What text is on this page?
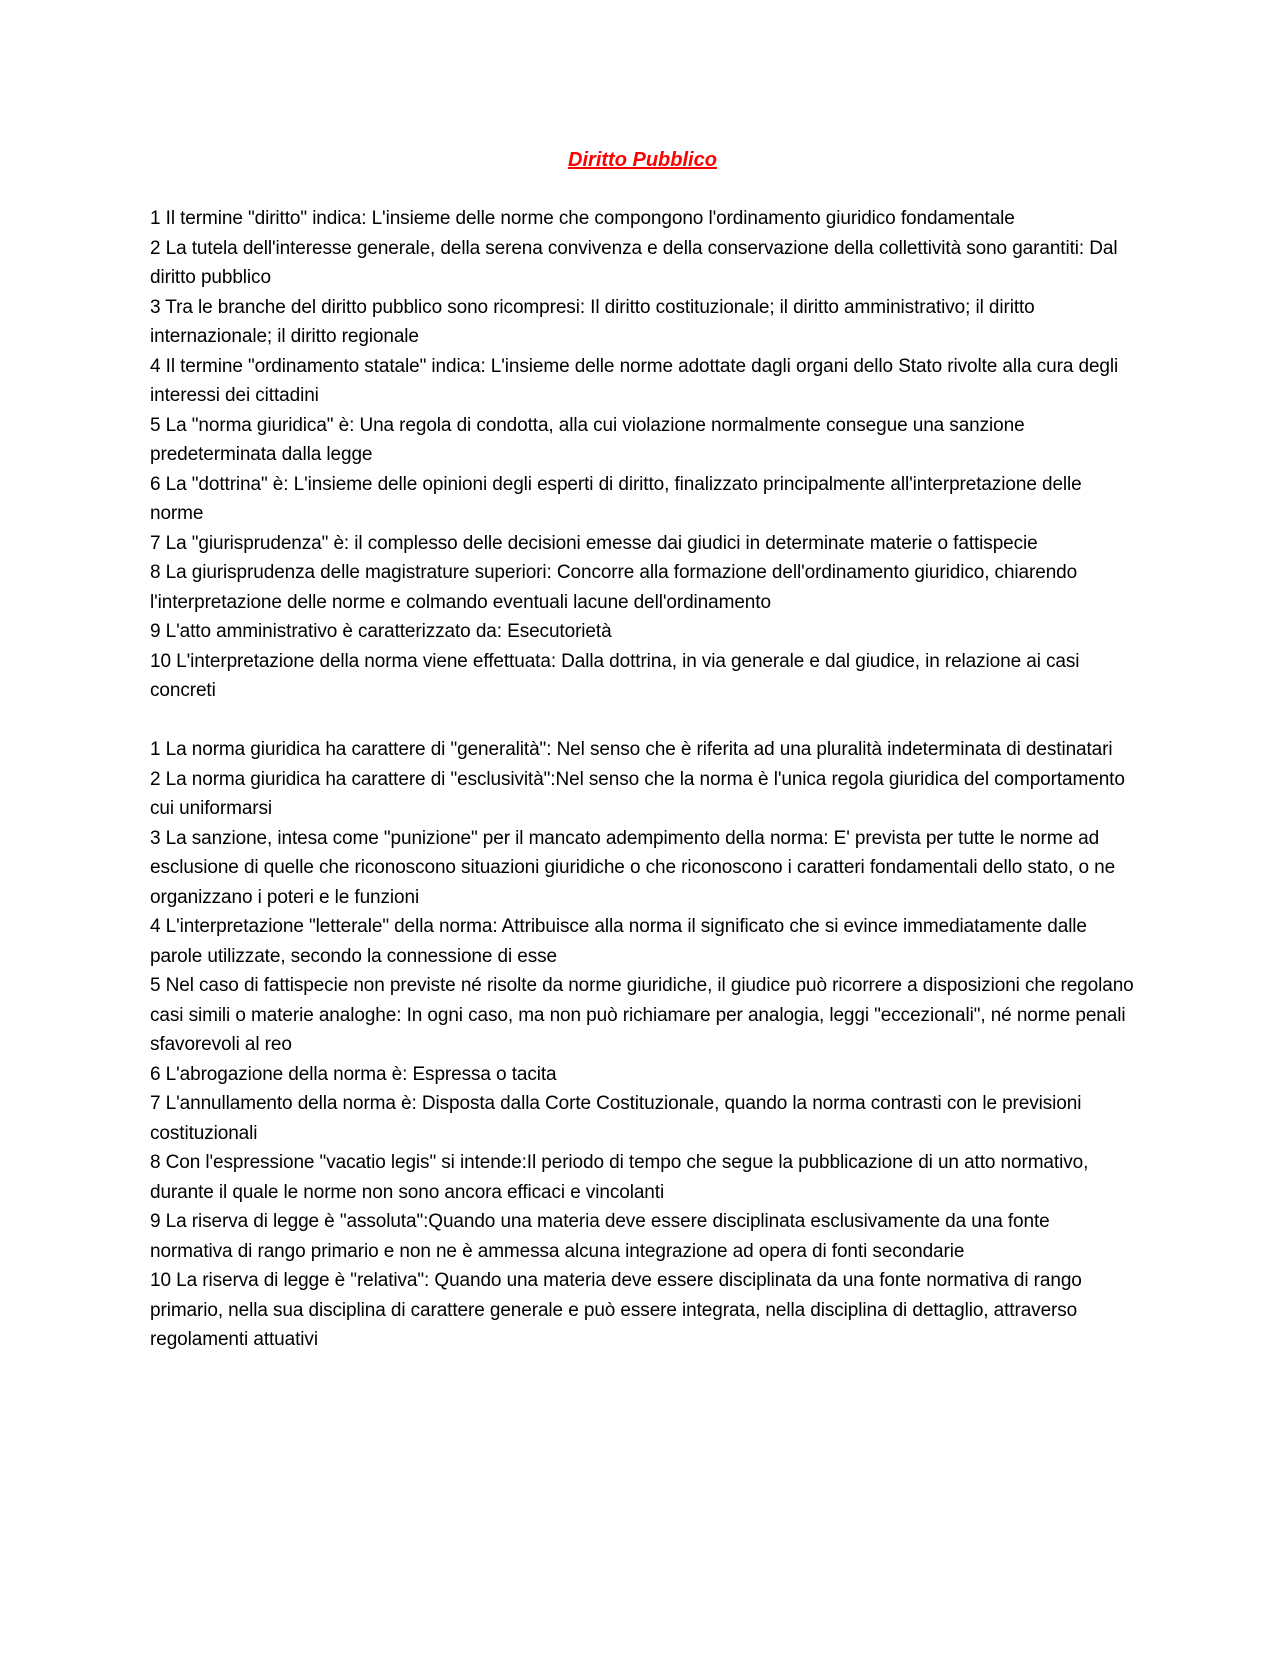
Diritto Pubblico

1 Il termine "diritto" indica: L'insieme delle norme che compongono l'ordinamento giuridico fondamentale

2 La tutela dell'interesse generale, della serena convivenza e della conservazione della collettività sono garantiti: Dal diritto pubblico

3 Tra le branche del diritto pubblico sono ricompresi: Il diritto costituzionale; il diritto amministrativo; il diritto internazionale; il diritto regionale

4 Il termine "ordinamento statale" indica: L'insieme delle norme adottate dagli organi dello Stato rivolte alla cura degli interessi dei cittadini

5 La "norma giuridica" è: Una regola di condotta, alla cui violazione normalmente consegue una sanzione predeterminata dalla legge

6 La "dottrina" è: L'insieme delle opinioni degli esperti di diritto, finalizzato principalmente all'interpretazione delle norme

7 La "giurisprudenza" è: il complesso delle decisioni emesse dai giudici in determinate materie o fattispecie

8 La giurisprudenza delle magistrature superiori: Concorre alla formazione dell'ordinamento giuridico, chiarendo l'interpretazione delle norme e colmando eventuali lacune dell'ordinamento

9 L'atto amministrativo è caratterizzato da: Esecutorietà

10 L'interpretazione della norma viene effettuata: Dalla dottrina, in via generale e dal giudice, in relazione ai casi concreti

1 La norma giuridica ha carattere di "generalità": Nel senso che è riferita ad una pluralità indeterminata di destinatari

2 La norma giuridica ha carattere di "esclusività":Nel senso che la norma è l'unica regola giuridica del comportamento cui uniformarsi

3 La sanzione, intesa come "punizione" per il mancato adempimento della norma: E' prevista per tutte le norme ad esclusione di quelle che riconoscono situazioni giuridiche o che riconoscono i caratteri fondamentali dello stato, o ne organizzano i poteri e le funzioni

4 L'interpretazione "letterale" della norma: Attribuisce alla norma il significato che si evince immediatamente dalle parole utilizzate, secondo la connessione di esse

5 Nel caso di fattispecie non previste né risolte da norme giuridiche, il giudice può ricorrere a disposizioni che regolano casi simili o materie analoghe: In ogni caso, ma non può richiamare per analogia, leggi "eccezionali", né norme penali sfavorevoli al reo

6 L'abrogazione della norma è: Espressa o tacita

7 L'annullamento della norma è: Disposta dalla Corte Costituzionale, quando la norma contrasti con le previsioni costituzionali

8 Con l'espressione "vacatio legis" si intende:Il periodo di tempo che segue la pubblicazione di un atto normativo, durante il quale le norme non sono ancora efficaci e vincolanti

9 La riserva di legge è "assoluta":Quando una materia deve essere disciplinata esclusivamente da una fonte normativa di rango primario e non ne è ammessa alcuna integrazione ad opera di fonti secondarie

10 La riserva di legge è "relativa": Quando una materia deve essere disciplinata da una fonte normativa di rango primario, nella sua disciplina di carattere generale e può essere integrata, nella disciplina di dettaglio, attraverso regolamenti attuativi
